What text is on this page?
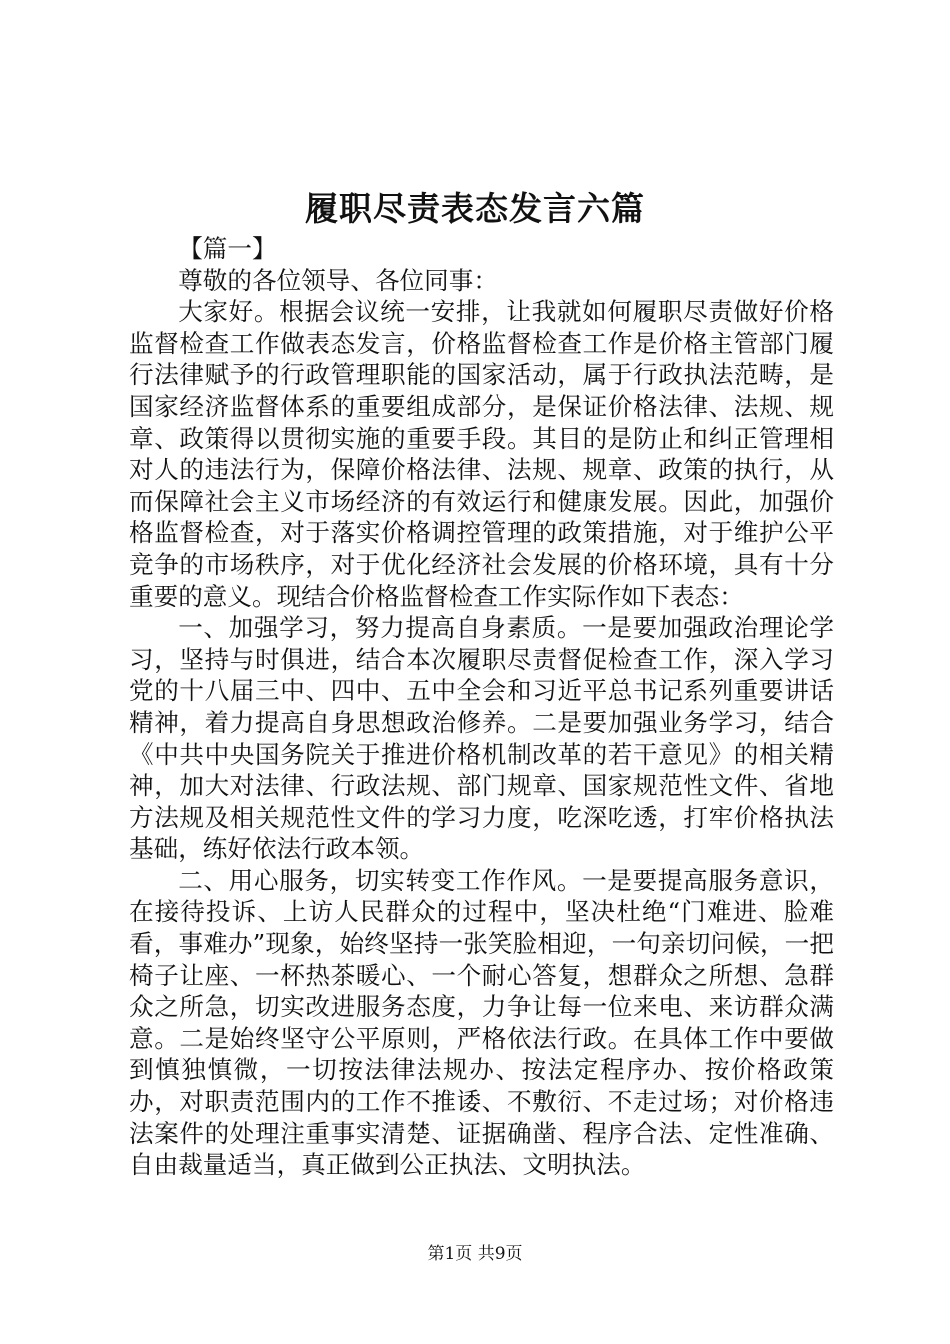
履职尽责表态发言六篇

【篇一】

尊敬的各位领导、各位同事：

大家好。根据会议统一安排，让我就如何履职尽责做好价格监督检查工作做表态发言，价格监督检查工作是价格主管部门履行法律赋予的行政管理职能的国家活动，属于行政执法范畴，是国家经济监督体系的重要组成部分，是保证价格法律、法规、规章、政策得以贯彻实施的重要手段。其目的是防止和纠正管理相对人的违法行为，保障价格法律、法规、规章、政策的执行，从而保障社会主义市场经济的有效运行和健康发展。因此，加强价格监督检查，对于落实价格调控管理的政策措施，对于维护公平竞争的市场秩序，对于优化经济社会发展的价格环境，具有十分重要的意义。现结合价格监督检查工作实际作如下表态：

一、加强学习，努力提高自身素质。一是要加强政治理论学习，坚持与时俱进，结合本次履职尽责督促检查工作，深入学习党的十八届三中、四中、五中全会和习近平总书记系列重要讲话精神，着力提高自身思想政治修养。二是要加强业务学习，结合《中共中央国务院关于推进价格机制改革的若干意见》的相关精神，加大对法律、行政法规、部门规章、国家规范性文件、省地方法规及相关规范性文件的学习力度，吃深吃透，打牢价格执法基础，练好依法行政本领。

二、用心服务，切实转变工作作风。一是要提高服务意识，在接待投诉、上访人民群众的过程中，坚决杜绝“门难进、脸难看，事难办”现象，始终坚持一张笑脸相迎，一句亲切问候，一把椅子让座、一杯热茶暖心、一个耐心答复，想群众之所想、急群众之所急，切实改进服务态度，力争让每一位来电、来访群众满意。二是始终坚守公平原则，严格依法行政。在具体工作中要做到慎独慎微，一切按法律法规办、按法定程序办、按价格政策办，对职责范围内的工作不推诿、不敷衍、不走过场；对价格违法案件的处理注重事实清楚、证据确凿、程序合法、定性准确、自由裁量适当，真正做到公正执法、文明执法。

第1页 共9页
